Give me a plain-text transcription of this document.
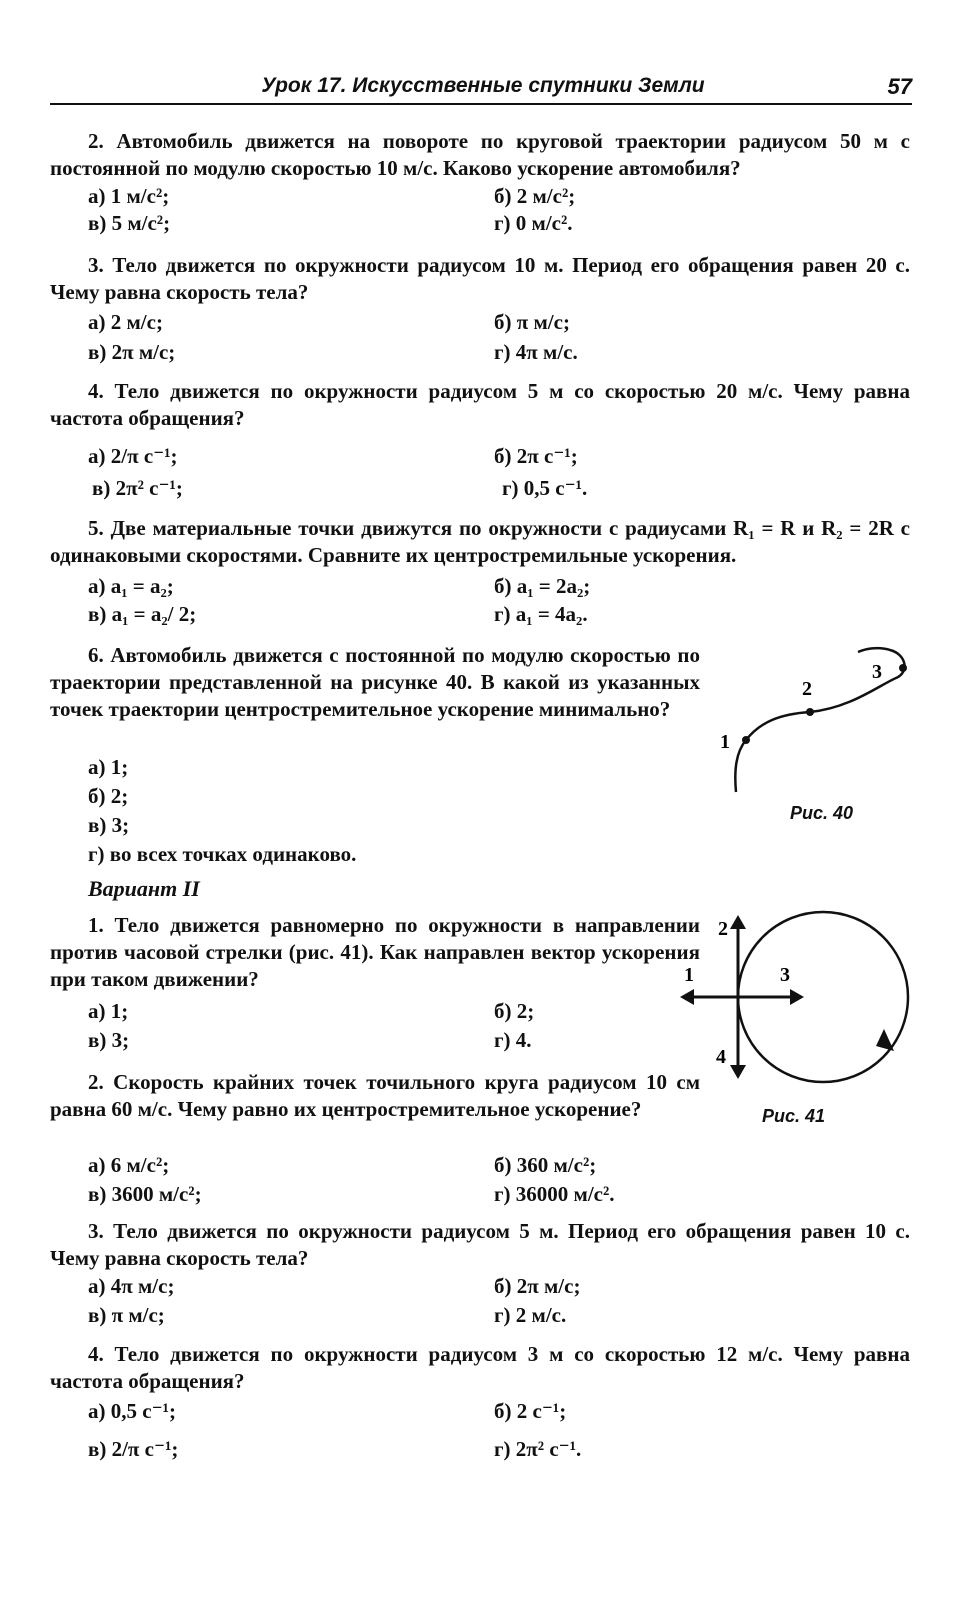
Урок 17. Искусственные спутники Земли	57
2. Автомобиль движется на повороте по круговой траектории радиусом 50 м с постоянной по модулю скоростью 10 м/с. Каково ускорение автомобиля?
а) 1 м/с²;	б) 2 м/с²;
в) 5 м/с²;	г) 0 м/с².
3. Тело движется по окружности радиусом 10 м. Период его обращения равен 20 с. Чему равна скорость тела?
а) 2 м/с;	б) π м/с;
в) 2π м/с;	г) 4π м/с.
4. Тело движется по окружности радиусом 5 м со скоростью 20 м/с. Чему равна частота обращения?
а) 2/π с⁻¹;	б) 2π с⁻¹;
в) 2π² с⁻¹;	г) 0,5 с⁻¹.
5. Две материальные точки движутся по окружности с радиусами R₁ = R и R₂ = 2R с одинаковыми скоростями. Сравните их центростремильные ускорения.
а) a₁ = a₂;	б) a₁ = 2a₂;
в) a₁ = a₂/ 2;	г) a₁ = 4a₂.
6. Автомобиль движется с постоянной по модулю скоростью по траектории представленной на рисунке 40. В какой из указанных точек траектории центростремительное ускорение минимально?
а) 1;
б) 2;
в) 3;
г) во всех точках одинаково.
1
2
3
Рис. 40
Вариант II
1. Тело движется равномерно по окружности в направлении против часовой стрелки (рис. 41). Как направлен вектор ускорения при таком движении?
а) 1;	б) 2;
в) 3;	г) 4.
1
2
3
4
Рис. 41
2. Скорость крайних точек точильного круга радиусом 10 см равна 60 м/с. Чему равно их центростремительное ускорение?
а) 6 м/с²;	б) 360 м/с²;
в) 3600 м/с²;	г) 36000 м/с².
3. Тело движется по окружности радиусом 5 м. Период его обращения равен 10 с. Чему равна скорость тела?
а) 4π м/с;	б) 2π м/с;
в) π м/с;	г) 2 м/с.
4. Тело движется по окружности радиусом 3 м со скоростью 12 м/с. Чему равна частота обращения?
а) 0,5 с⁻¹;	б) 2 с⁻¹;
в) 2/π с⁻¹;	г) 2π² с⁻¹.
